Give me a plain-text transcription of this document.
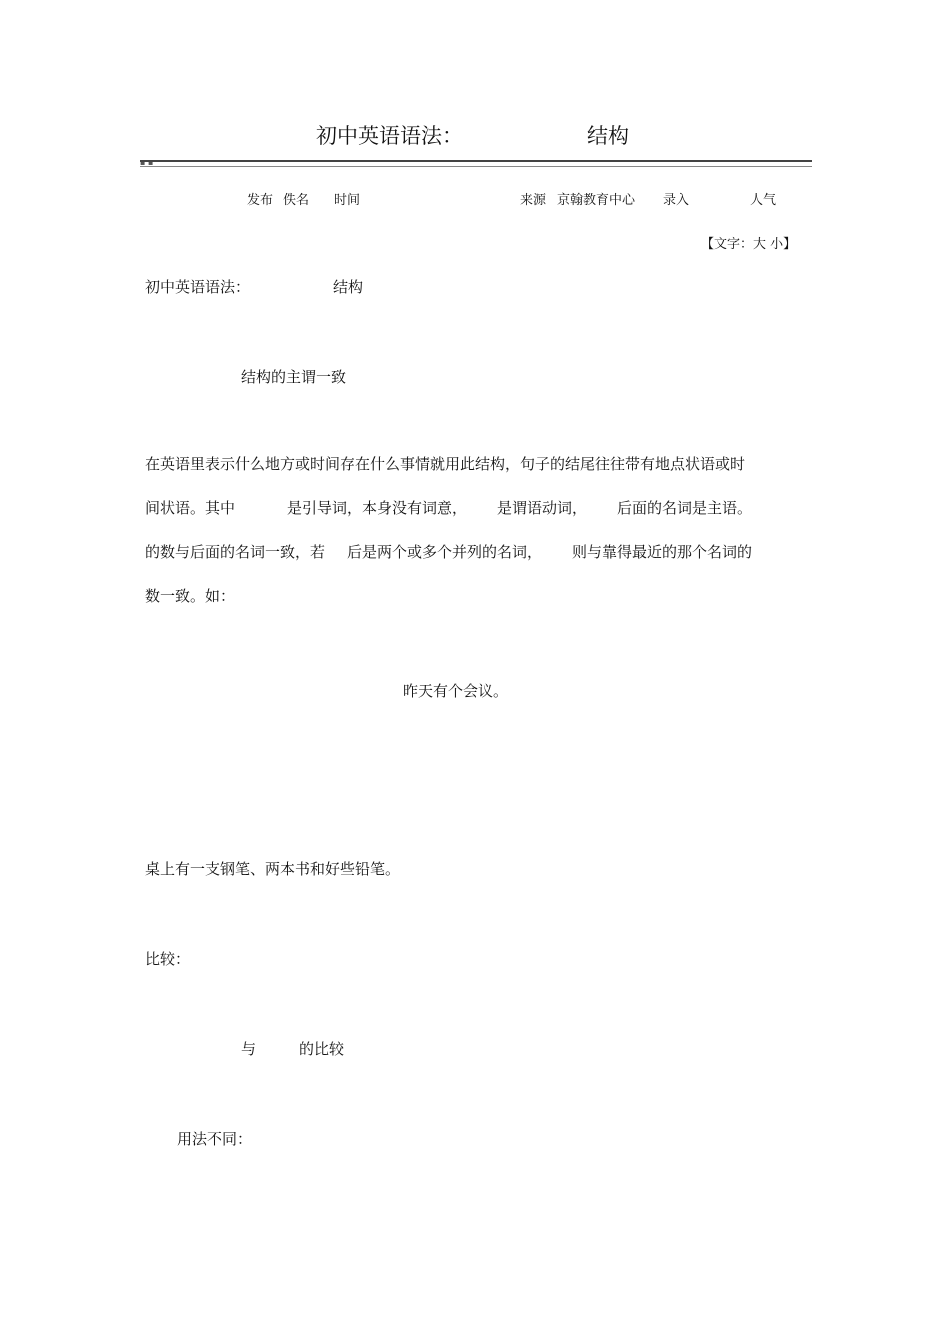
初中英语语法：	结构
▪ ▪
发布 佚名 时间	来源 京翰教育中心 录入	人气
【文字：大 小】
初中英语语法：	结构
结构的主谓一致
在英语里表示什么地方或时间存在什么事情就用此结构，句子的结尾往往带有地点状语或时
间状语。其中	是引导词，本身没有词意， 是谓语动词， 后面的名词是主语。
的数与后面的名词一致，若 后是两个或多个并列的名词， 则与靠得最近的那个名词的
数一致。如：
昨天有个会议。
桌上有一支钢笔、两本书和好些铅笔。
比较：
与	的比较
用法不同：
